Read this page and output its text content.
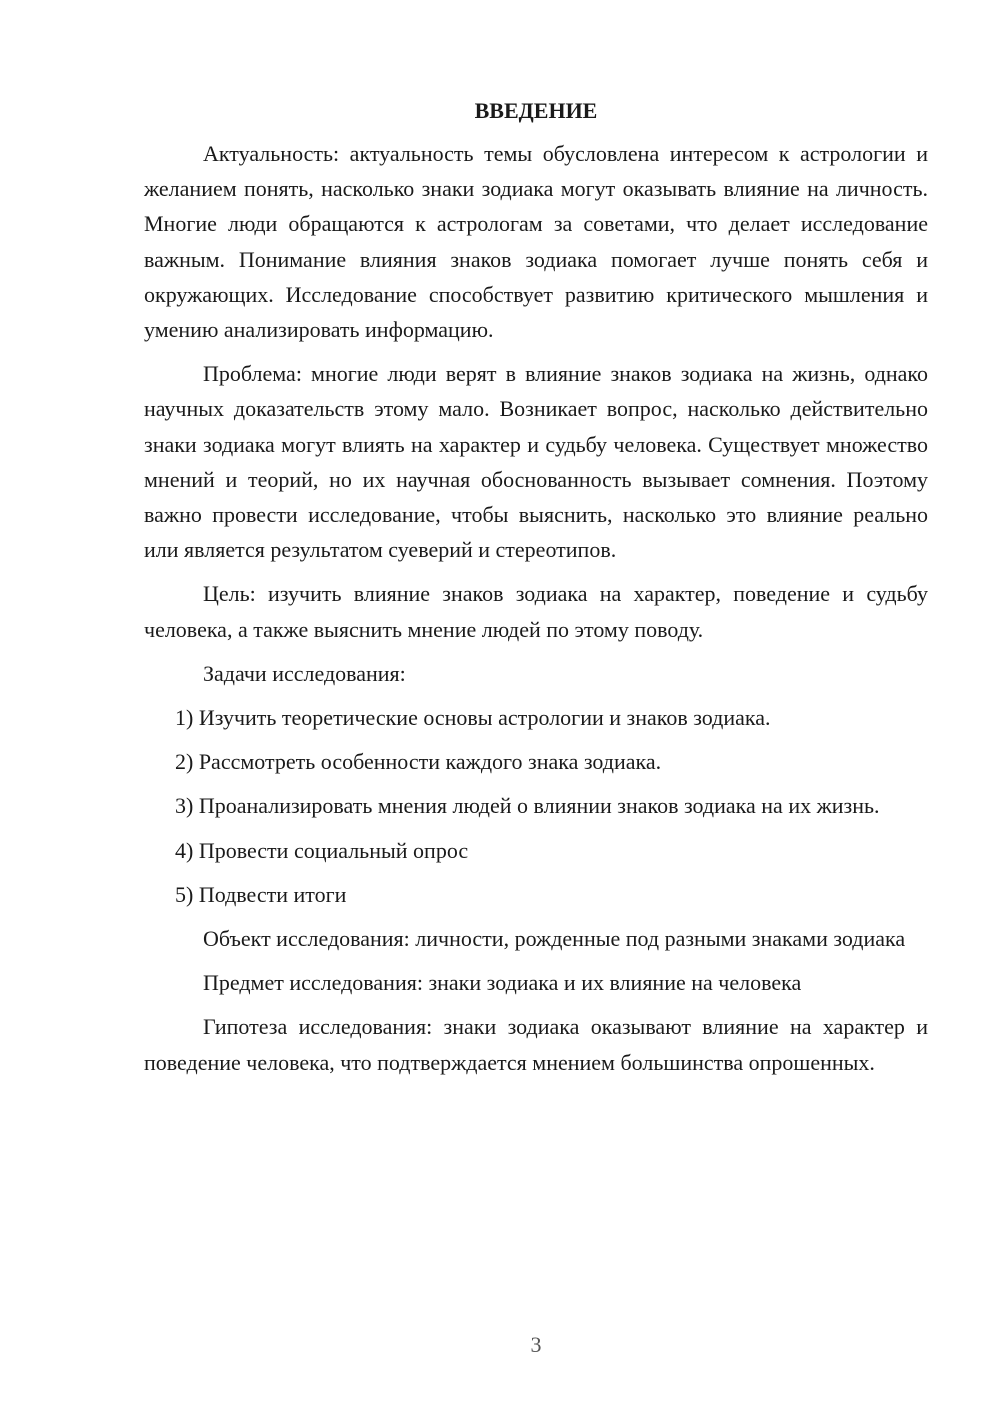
ВВЕДЕНИЕ

Актуальность: актуальность темы обусловлена интересом к астрологии и желанием понять, насколько знаки зодиака могут оказывать влияние на личность. Многие люди обращаются к астрологам за советами, что делает исследование важным. Понимание влияния знаков зодиака помогает лучше понять себя и окружающих. Исследование способствует развитию критического мышления и умению анализировать информацию.

Проблема: многие люди верят в влияние знаков зодиака на жизнь, однако научных доказательств этому мало. Возникает вопрос, насколько действительно знаки зодиака могут влиять на характер и судьбу человека. Существует множество мнений и теорий, но их научная обоснованность вызывает сомнения. Поэтому важно провести исследование, чтобы выяснить, насколько это влияние реально или является результатом суеверий и стереотипов.

Цель: изучить влияние знаков зодиака на характер, поведение и судьбу человека, а также выяснить мнение людей по этому поводу.

Задачи исследования:

1) Изучить теоретические основы астрологии и знаков зодиака.

2) Рассмотреть особенности каждого знака зодиака.

3) Проанализировать мнения людей о влиянии знаков зодиака на их жизнь.

4) Провести социальный опрос

5) Подвести итоги

Объект исследования: личности, рожденные под разными знаками зодиака

Предмет исследования: знаки зодиака и их влияние на человека

Гипотеза исследования: знаки зодиака оказывают влияние на характер и поведение человека, что подтверждается мнением большинства опрошенных.

3
